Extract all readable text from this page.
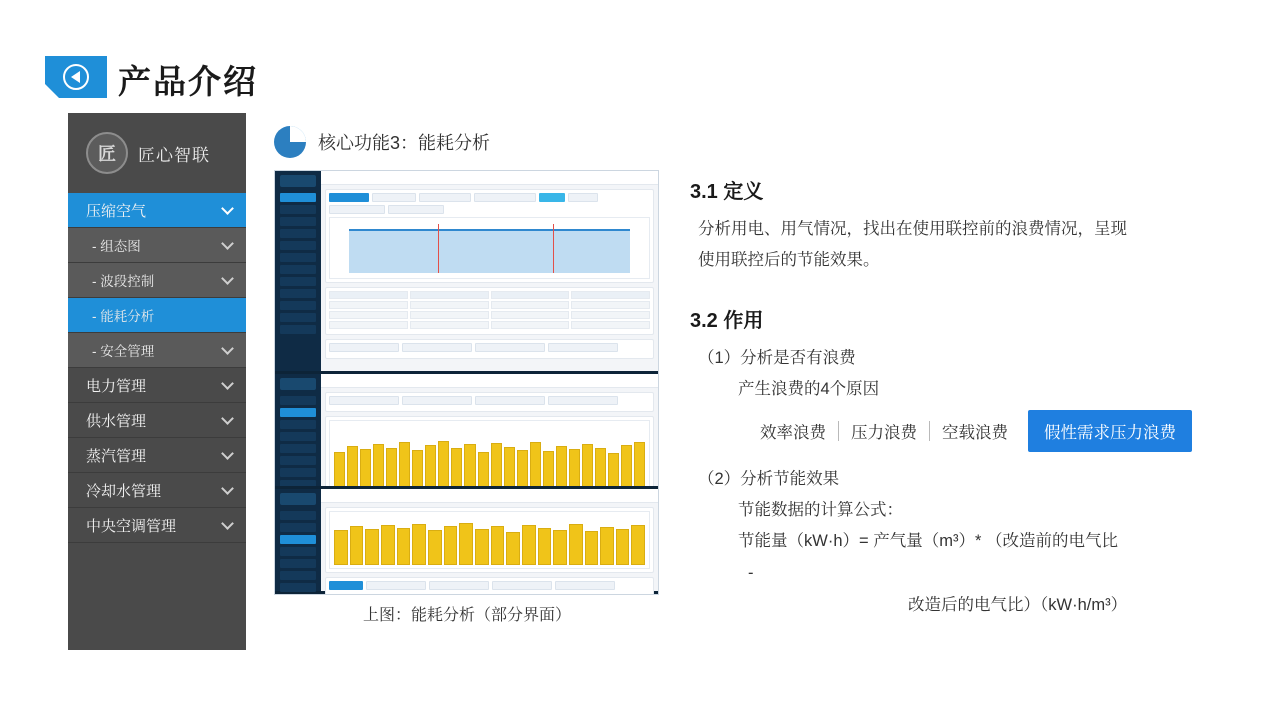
产品介绍
匠	匠心智联
压缩空气
- 组态图
- 波段控制
- 能耗分析
- 安全管理
电力管理
供水管理
蒸汽管理
冷却水管理
中央空调管理
核心功能3：能耗分析
上图：能耗分析（部分界面）
3.1 定义
分析用电、用气情况，找出在使用联控前的浪费情况，呈现
使用联控后的节能效果。
3.2 作用
（1）分析是否有浪费
产生浪费的4个原因
效率浪费	压力浪费	空载浪费	假性需求压力浪费
（2）分析节能效果
节能数据的计算公式：
节能量（kW·h）= 产气量（m³）* （改造前的电气比
-
改造后的电气比）（kW·h/m³）
